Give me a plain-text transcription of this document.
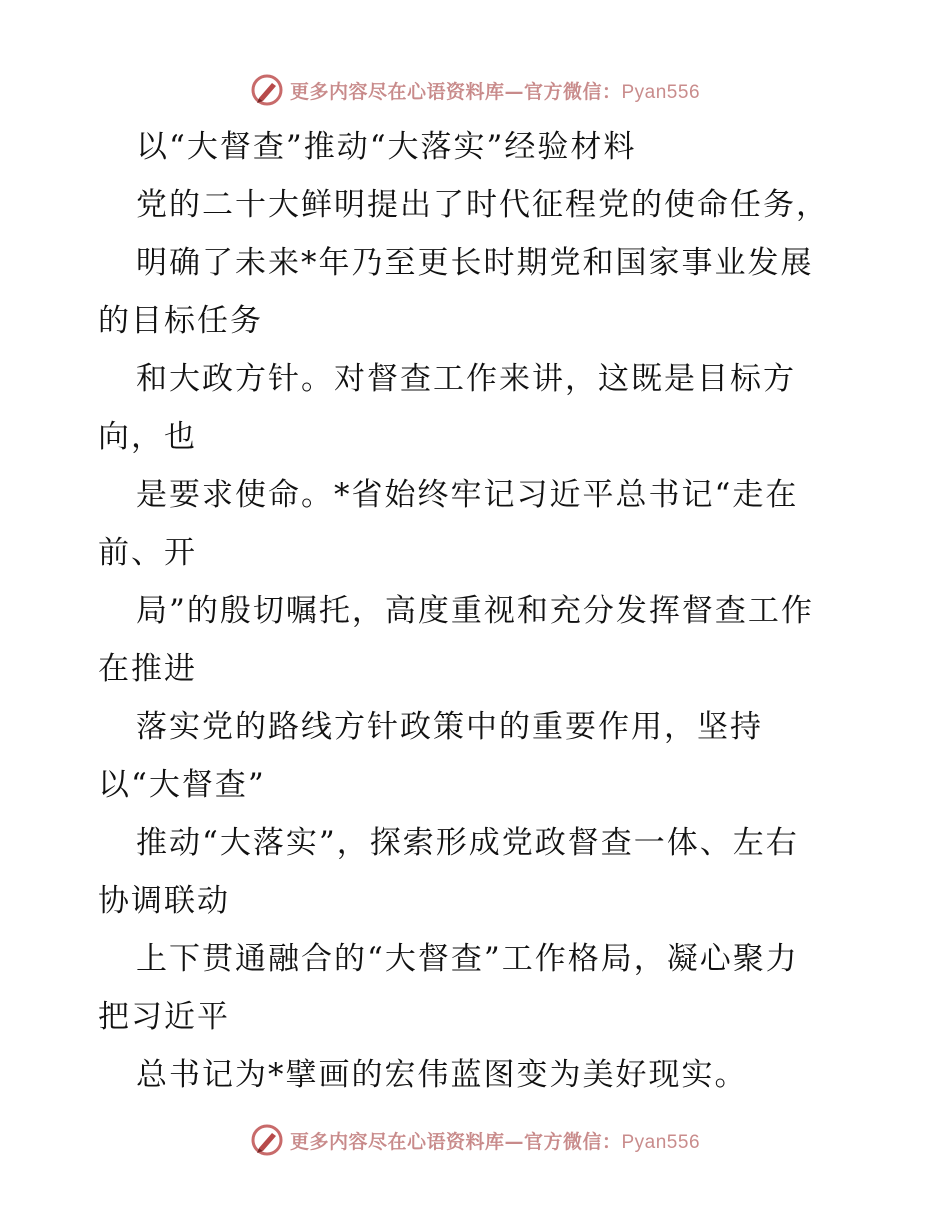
更多内容尽在心语资料库—官方微信：Pyan556
以“大督查”推动“大落实”经验材料
党的二十大鲜明提出了时代征程党的使命任务，
明确了未来*年乃至更长时期党和国家事业发展
的目标任务
和大政方针。对督查工作来讲，这既是目标方
向，也
是要求使命。*省始终牢记习近平总书记“走在
前、开
局”的殷切嘱托，高度重视和充分发挥督查工作
在推进
落实党的路线方针政策中的重要作用，坚持
以“大督查”
推动“大落实”，探索形成党政督查一体、左右
协调联动
上下贯通融合的“大督查”工作格局，凝心聚力
把习近平
总书记为*擘画的宏伟蓝图变为美好现实。
更多内容尽在心语资料库—官方微信：Pyan556
